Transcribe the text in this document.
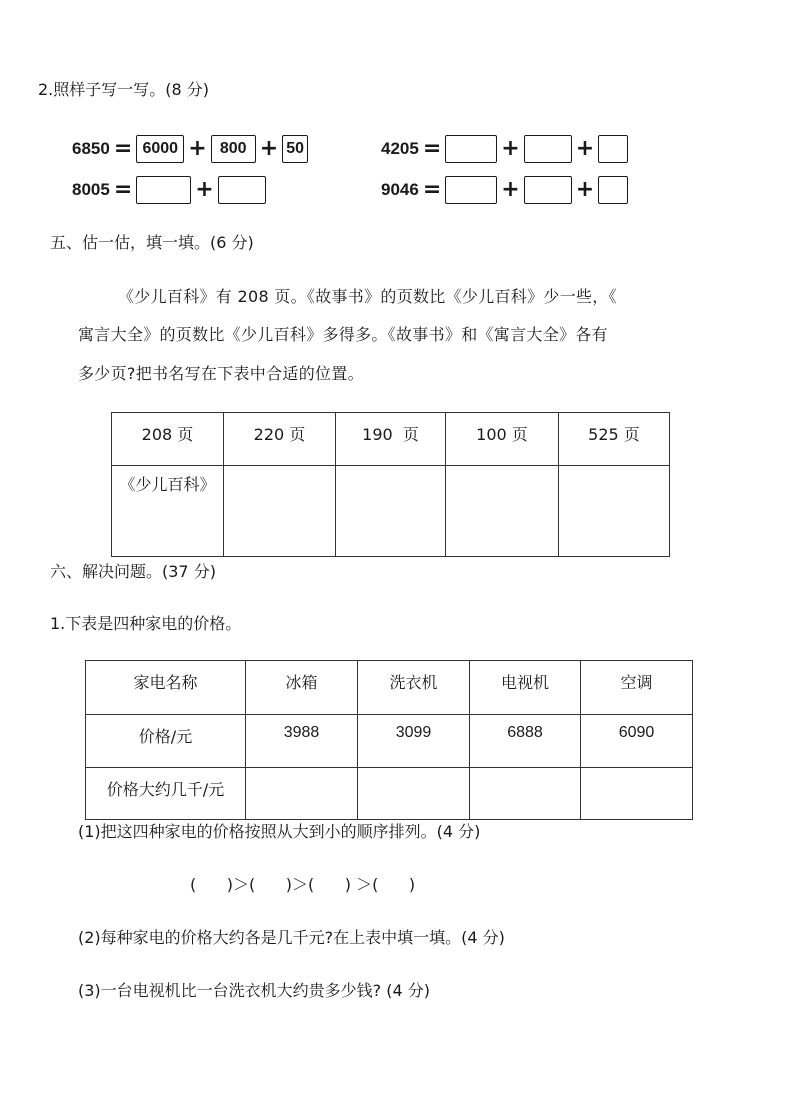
2.照样子写一写。(8 分)
6850 = 6000 + 800 + 50	4205 =	+	+
8005 =	+	9046 =	+	+
五、估一估，填一填。(6 分)
《少儿百科》有 208 页。《故事书》的页数比《少儿百科》少一些，《
寓言大全》的页数比《少儿百科》多得多。《故事书》和《寓言大全》各有
多少页?把书名写在下表中合适的位置。
208 页	220 页	190  页	100 页	525 页

《少儿百科》				

六、解决问题。(37 分)
1.下表是四种家电的价格。
家电名称	冰箱	洗衣机	电视机	空调

价格/元	3988	3099	6888	6090

价格大约几千/元				

(1)把这四种家电的价格按照从大到小的顺序排列。(4 分)
(      )＞(      )＞(      ) ＞(      )
(2)每种家电的价格大约各是几千元?在上表中填一填。(4 分)
(3)一台电视机比一台洗衣机大约贵多少钱? (4 分)
